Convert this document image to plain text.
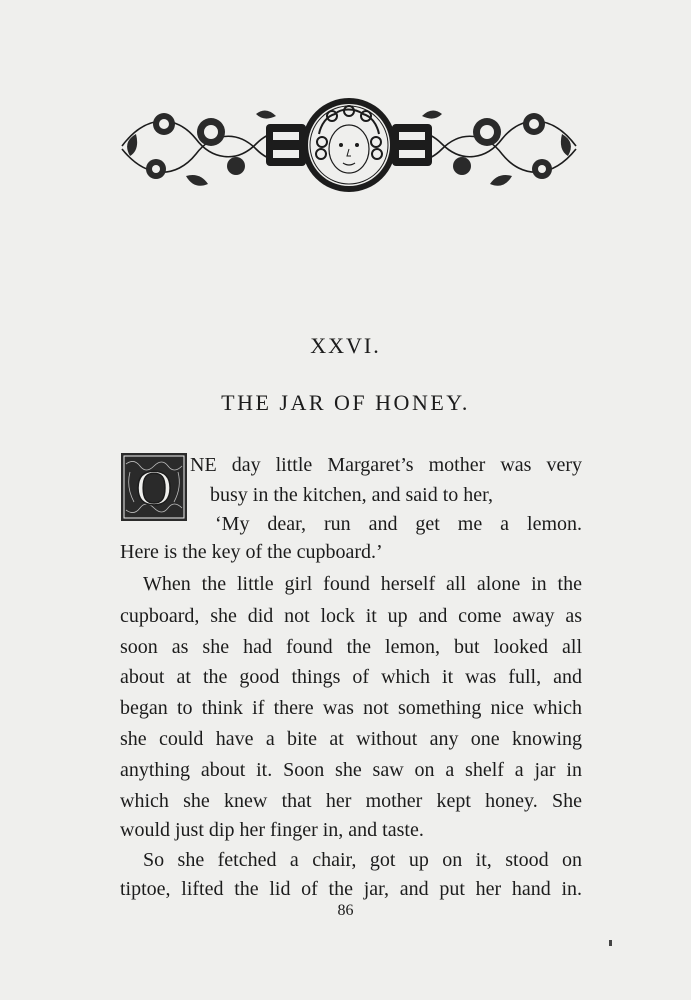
XXVI.
THE JAR OF HONEY.
O NE day little Margaret’s mother was very
busy in the kitchen, and said to her,
‘My dear, run and get me a lemon.
Here is the key of the cupboard.’
When the little girl found herself all alone in the
cupboard, she did not lock it up and come away as
soon as she had found the lemon, but looked all
about at the good things of which it was full, and
began to think if there was not something nice which
she could have a bite at without any one knowing
anything about it. Soon she saw on a shelf a jar in
which she knew that her mother kept honey. She
would just dip her finger in, and taste.
So she fetched a chair, got up on it, stood on
tiptoe, lifted the lid of the jar, and put her hand in.
86
